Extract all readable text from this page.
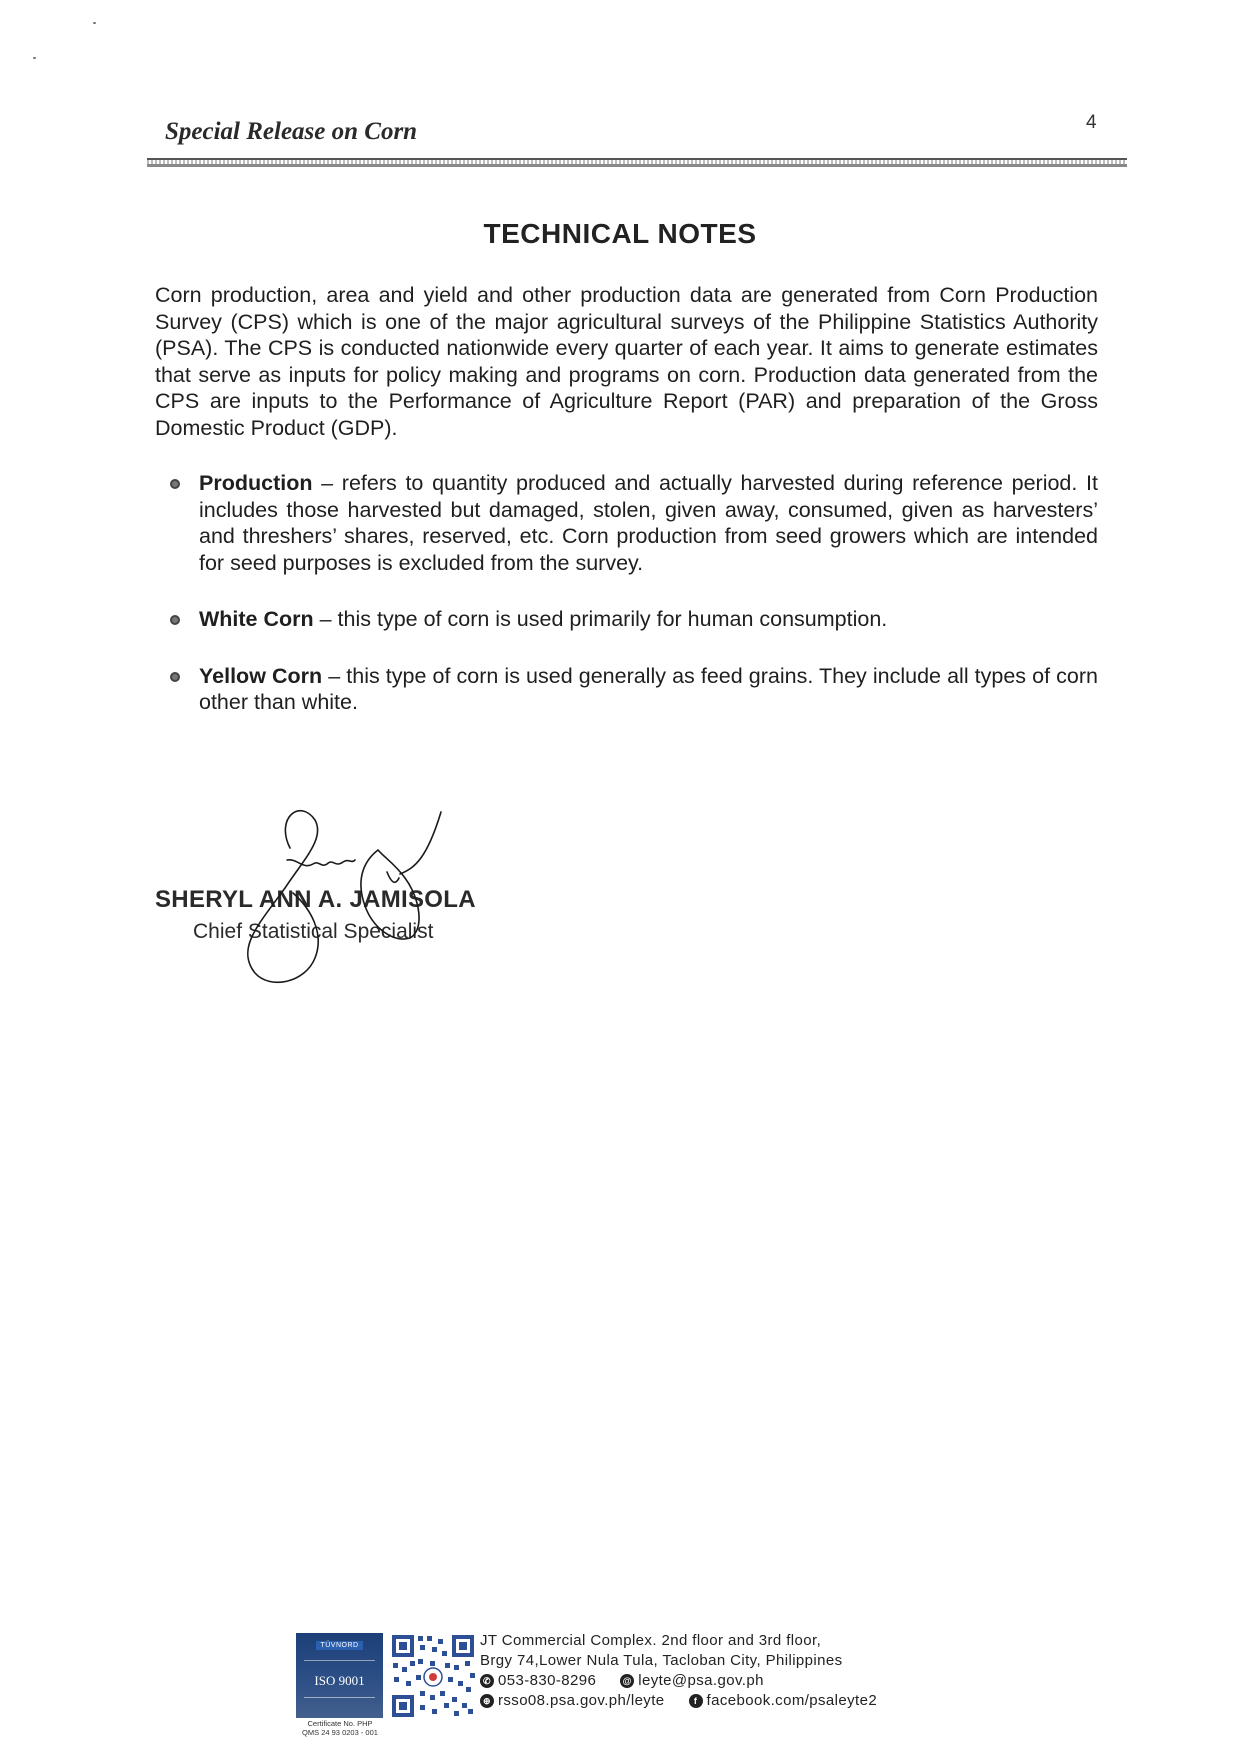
Special Release on Corn	4
TECHNICAL NOTES

Corn production, area and yield and other production data are generated from Corn Production Survey (CPS) which is one of the major agricultural surveys of the Philippine Statistics Authority (PSA). The CPS is conducted nationwide every quarter of each year. It aims to generate estimates that serve as inputs for policy making and programs on corn. Production data generated from the CPS are inputs to the Performance of Agriculture Report (PAR) and preparation of the Gross Domestic Product (GDP).

Production – refers to quantity produced and actually harvested during reference period. It includes those harvested but damaged, stolen, given away, consumed, given as harvesters’ and threshers’ shares, reserved, etc. Corn production from seed growers which are intended for seed purposes is excluded from the survey.
White Corn – this type of corn is used primarily for human consumption.
Yellow Corn – this type of corn is used generally as feed grains. They include all types of corn other than white.
SHERYL ANN A. JAMISOLA
Chief Statistical Specialist
TÜVNORD
ISO 9001
Certificate No. PHP
QMS 24 93 0203 - 001
JT Commercial Complex. 2nd floor and 3rd floor,
Brgy 74,Lower Nula Tula, Tacloban City, Philippines
✆ 053-830-8296	@ leyte@psa.gov.ph
⊕ rsso08.psa.gov.ph/leyte	f facebook.com/psaleyte2
